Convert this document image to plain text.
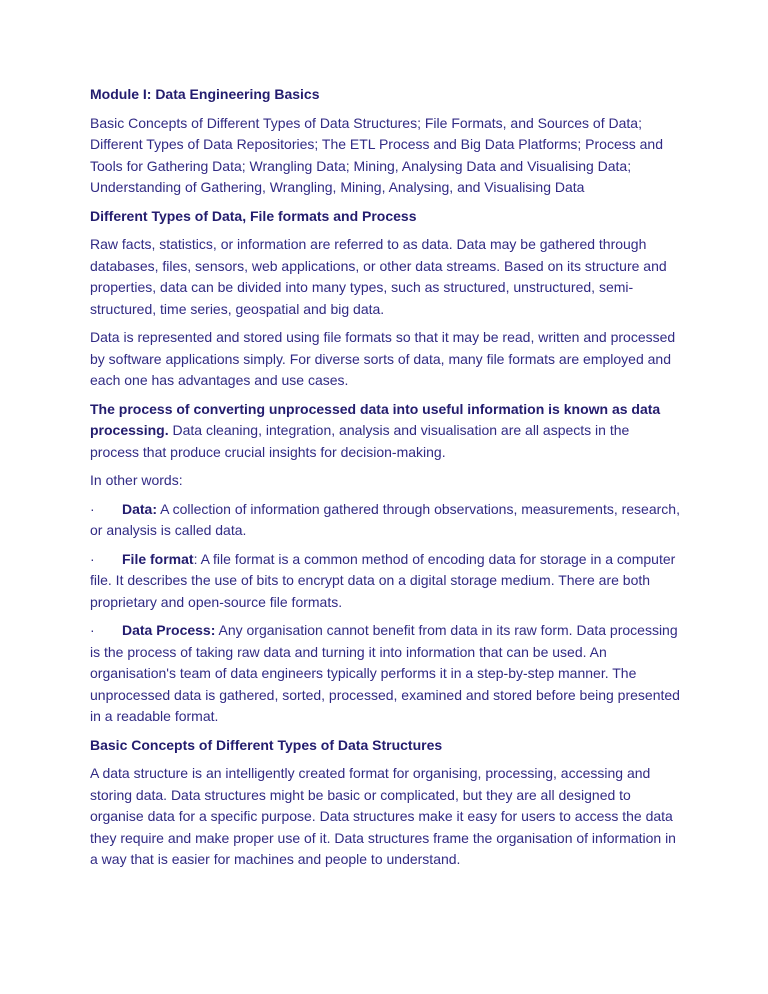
Module I: Data Engineering Basics

Basic Concepts of Different Types of Data Structures; File Formats, and Sources of Data; Different Types of Data Repositories; The ETL Process and Big Data Platforms; Process and Tools for Gathering Data; Wrangling Data; Mining, Analysing Data and Visualising Data; Understanding of Gathering, Wrangling, Mining, Analysing, and Visualising Data

Different Types of Data, File formats and Process

Raw facts, statistics, or information are referred to as data. Data may be gathered through databases, files, sensors, web applications, or other data streams. Based on its structure and properties, data can be divided into many types, such as structured, unstructured, semi-structured, time series, geospatial and big data.

Data is represented and stored using file formats so that it may be read, written and processed by software applications simply. For diverse sorts of data, many file formats are employed and each one has advantages and use cases.

The process of converting unprocessed data into useful information is known as data processing. Data cleaning, integration, analysis and visualisation are all aspects in the process that produce crucial insights for decision-making.

In other words:

· Data: A collection of information gathered through observations, measurements, research, or analysis is called data.

· File format: A file format is a common method of encoding data for storage in a computer file. It describes the use of bits to encrypt data on a digital storage medium. There are both proprietary and open-source file formats.

· Data Process: Any organisation cannot benefit from data in its raw form. Data processing is the process of taking raw data and turning it into information that can be used. An organisation's team of data engineers typically performs it in a step-by-step manner. The unprocessed data is gathered, sorted, processed, examined and stored before being presented in a readable format.

Basic Concepts of Different Types of Data Structures

A data structure is an intelligently created format for organising, processing, accessing and storing data. Data structures might be basic or complicated, but they are all designed to organise data for a specific purpose. Data structures make it easy for users to access the data they require and make proper use of it. Data structures frame the organisation of information in a way that is easier for machines and people to understand.
